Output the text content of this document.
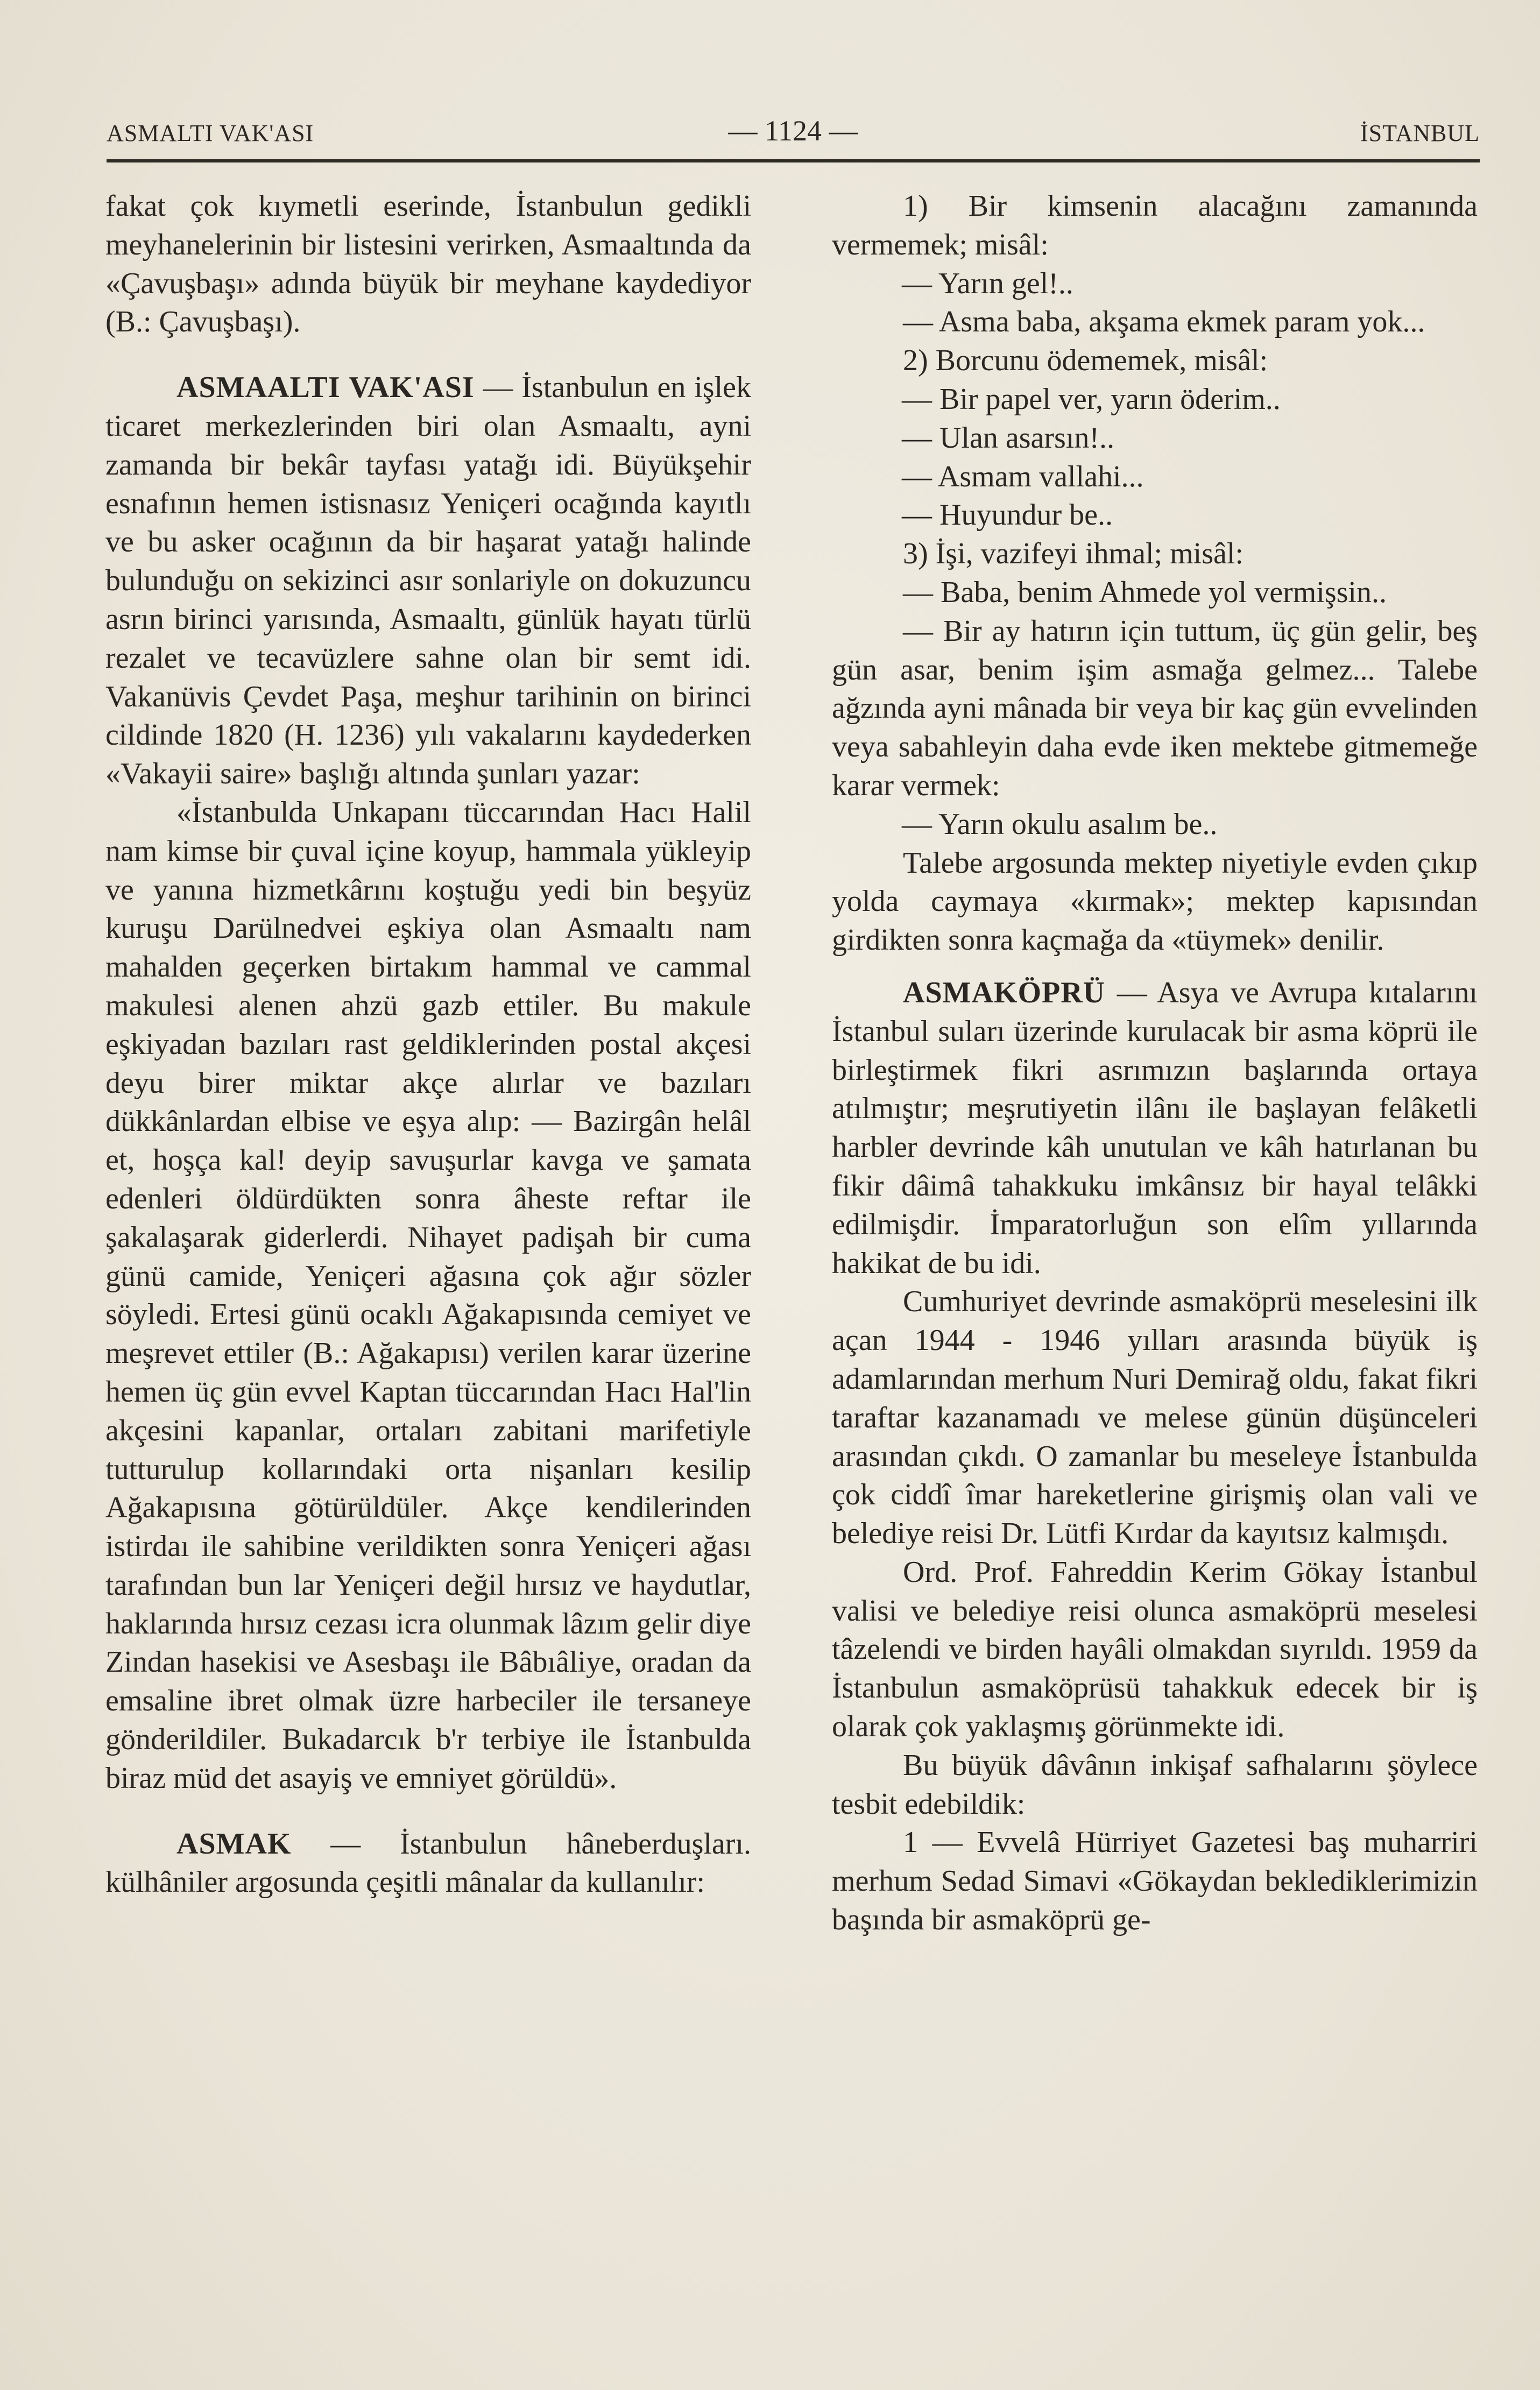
ASMALTI VAK'ASI	— 1124 —	İSTANBUL

fakat çok kıymetli eserinde, İstanbulun gedikli meyhanelerinin bir listesini verirken, Asmaaltında da «Çavuşbaşı» adında büyük bir meyhane kaydediyor (B.: Çavuşbaşı).

ASMAALTI VAK'ASI — İstanbulun en işlek ticaret merkezlerinden biri olan Asmaaltı, ayni zamanda bir bekâr tayfası yatağı idi. Büyükşehir esnafının hemen istisnasız Yeniçeri ocağında kayıtlı ve bu asker ocağının da bir haşarat yatağı halinde bulunduğu on sekizinci asır sonlariyle on dokuzuncu asrın birinci yarısında, Asmaaltı, günlük hayatı türlü rezalet ve tecavüzlere sahne olan bir semt idi. Vakanüvis Çevdet Paşa, meşhur tarihinin on birinci cildinde 1820 (H. 1236) yılı vakalarını kaydederken «Vakayii saire» başlığı altında şunları yazar:

«İstanbulda Unkapanı tüccarından Hacı Halil nam kimse bir çuval içine koyup, hammala yükleyip ve yanına hizmetkârını koştuğu yedi bin beşyüz kuruşu Darülnedvei eşkiya olan Asmaaltı nam mahalden geçerken birtakım hammal ve cammal makulesi alenen ahzü gazb ettiler. Bu makule eşkiyadan bazıları rast geldiklerinden postal akçesi deyu birer miktar akçe alırlar ve bazıları dükkânlardan elbise ve eşya alıp: — Bazirgân helâl et, hoşça kal! deyip savuşurlar kavga ve şamata edenleri öldürdükten sonra âheste reftar ile şakalaşarak giderlerdi. Nihayet padişah bir cuma günü camide, Yeniçeri ağasına çok ağır sözler söyledi. Ertesi günü ocaklı Ağakapısında cemiyet ve meşrevet ettiler (B.: Ağakapısı) verilen karar üzerine hemen üç gün evvel Kaptan tüccarından Hacı Hal'lin akçesini kapanlar, ortaları zabitani marifetiyle tutturulup kollarındaki orta nişanları kesilip Ağakapısına götürüldüler. Akçe kendilerinden istirdaı ile sahibine verildikten sonra Yeniçeri ağası tarafından bun lar Yeniçeri değil hırsız ve haydutlar, haklarında hırsız cezası icra olunmak lâzım gelir diye Zindan hasekisi ve Asesbaşı ile Bâbıâliye, oradan da emsaline ibret olmak üzre harbeciler ile tersaneye gönderildiler. Bukadarcık b'r terbiye ile İstanbulda biraz müd det asayiş ve emniyet görüldü».

ASMAK — İstanbulun hâneberduşları. külhâniler argosunda çeşitli mânalar da kullanılır:

1) Bir kimsenin alacağını zamanında vermemek; misâl:

— Yarın gel!..

— Asma baba, akşama ekmek param yok...

2) Borcunu ödememek, misâl:

— Bir papel ver, yarın öderim..

— Ulan asarsın!..

— Asmam vallahi...

— Huyundur be..

3) İşi, vazifeyi ihmal; misâl:

— Baba, benim Ahmede yol vermişsin..

— Bir ay hatırın için tuttum, üç gün gelir, beş gün asar, benim işim asmağa gelmez... Talebe ağzında ayni mânada bir veya bir kaç gün evvelinden veya sabahleyin daha evde iken mektebe gitmemeğe karar vermek:

— Yarın okulu asalım be..

Talebe argosunda mektep niyetiyle evden çıkıp yolda caymaya «kırmak»; mektep kapısından girdikten sonra kaçmağa da «tüymek» denilir.

ASMAKÖPRÜ — Asya ve Avrupa kıtalarını İstanbul suları üzerinde kurulacak bir asma köprü ile birleştirmek fikri asrımızın başlarında ortaya atılmıştır; meşrutiyetin ilânı ile başlayan felâketli harbler devrinde kâh unutulan ve kâh hatırlanan bu fikir dâimâ tahakkuku imkânsız bir hayal telâkki edilmişdir. İmparatorluğun son elîm yıllarında hakikat de bu idi.

Cumhuriyet devrinde asmaköprü meselesini ilk açan 1944 - 1946 yılları arasında büyük iş adamlarından merhum Nuri Demirağ oldu, fakat fikri taraftar kazanamadı ve melese günün düşünceleri arasından çıkdı. O zamanlar bu meseleye İstanbulda çok ciddî îmar hareketlerine girişmiş olan vali ve belediye reisi Dr. Lütfi Kırdar da kayıtsız kalmışdı.

Ord. Prof. Fahreddin Kerim Gökay İstanbul valisi ve belediye reisi olunca asmaköprü meselesi tâzelendi ve birden hayâli olmakdan sıyrıldı. 1959 da İstanbulun asmaköprüsü tahakkuk edecek bir iş olarak çok yaklaşmış görünmekte idi.

Bu büyük dâvânın inkişaf safhalarını şöylece tesbit edebildik:

1 — Evvelâ Hürriyet Gazetesi baş muharriri merhum Sedad Simavi «Gökaydan beklediklerimizin başında bir asmaköprü ge-
